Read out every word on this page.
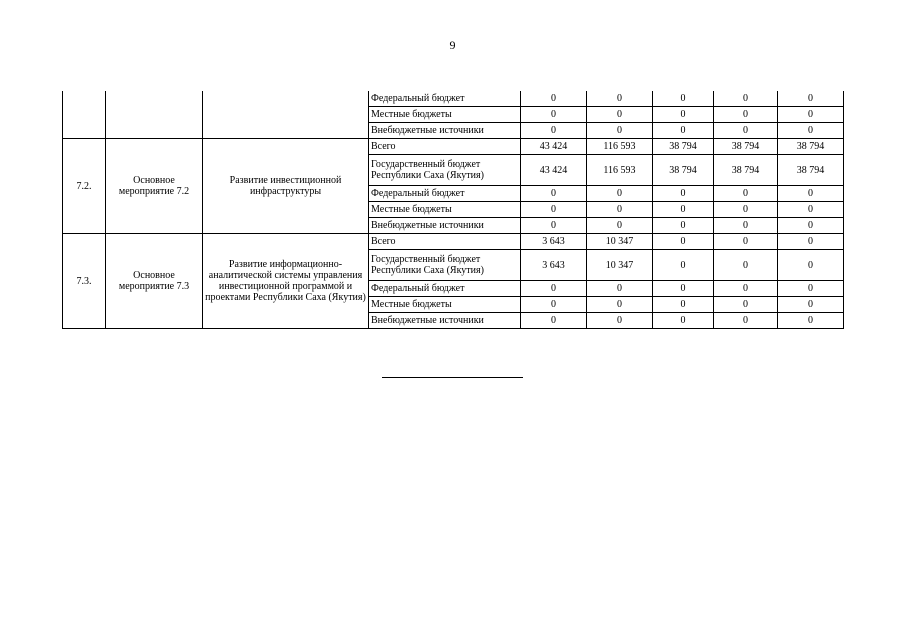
9
			Федеральный бюджет	0	0	0	0	0
			Местные бюджеты	0	0	0	0	0
			Внебюджетные источники	0	0	0	0	0
7.2.	Основное мероприятие 7.2	Развитие инвестиционной инфраструктуры	Всего	43 424	116 593	38 794	38 794	38 794
			Государственный бюджет Республики Саха (Якутия)	43 424	116 593	38 794	38 794	38 794
			Федеральный бюджет	0	0	0	0	0
			Местные бюджеты	0	0	0	0	0
			Внебюджетные источники	0	0	0	0	0
7.3.	Основное мероприятие 7.3	Развитие информационно-аналитической системы управления инвестиционной программой и проектами Республики Саха (Якутия)	Всего	3 643	10 347	0	0	0
			Государственный бюджет Республики Саха (Якутия)	3 643	10 347	0	0	0
			Федеральный бюджет	0	0	0	0	0
			Местные бюджеты	0	0	0	0	0
			Внебюджетные источники	0	0	0	0	0
